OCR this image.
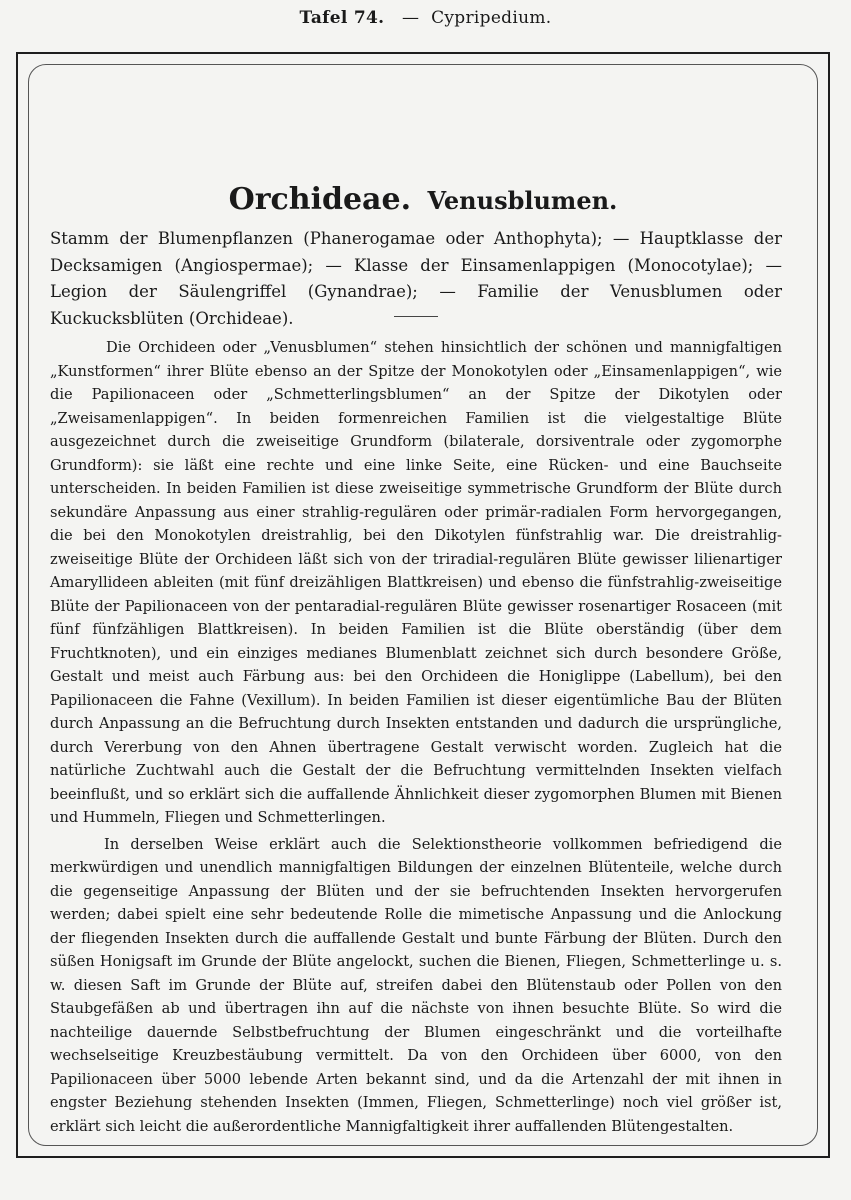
Tafel 74. — Cypripedium.
Orchideae. Venusblumen.

Stamm der Blumenpflanzen (Phanerogamae oder Anthophyta); — Hauptklasse der Decksamigen (Angiospermae); — Klasse der Einsamenlappigen (Monocotylae); — Legion der Säulengriffel (Gynandrae); — Familie der Venusblumen oder Kuckucksblüten (Orchideae).

Die Orchideen oder „Venusblumen“ stehen hinsichtlich der schönen und mannigfaltigen „Kunstformen“ ihrer Blüte ebenso an der Spitze der Monokotylen oder „Einsamenlappigen“, wie die Papilionaceen oder „Schmetterlingsblumen“ an der Spitze der Dikotylen oder „Zweisamenlappigen“. In beiden formenreichen Familien ist die vielgestaltige Blüte ausgezeichnet durch die zweiseitige Grundform (bilaterale, dorsiventrale oder zygomorphe Grundform): sie läßt eine rechte und eine linke Seite, eine Rücken- und eine Bauchseite unterscheiden. In beiden Familien ist diese zweiseitige symmetrische Grundform der Blüte durch sekundäre Anpassung aus einer strahlig-regulären oder primär-radialen Form hervorgegangen, die bei den Monokotylen dreistrahlig, bei den Dikotylen fünfstrahlig war. Die dreistrahlig-zweiseitige Blüte der Orchideen läßt sich von der triradial-regulären Blüte gewisser lilienartiger Amaryllideen ableiten (mit fünf dreizähligen Blattkreisen) und ebenso die fünfstrahlig-zweiseitige Blüte der Papilionaceen von der pentaradial-regulären Blüte gewisser rosenartiger Rosaceen (mit fünf fünfzähligen Blattkreisen). In beiden Familien ist die Blüte oberständig (über dem Fruchtknoten), und ein einziges medianes Blumenblatt zeichnet sich durch besondere Größe, Gestalt und meist auch Färbung aus: bei den Orchideen die Honiglippe (Labellum), bei den Papilionaceen die Fahne (Vexillum). In beiden Familien ist dieser eigentümliche Bau der Blüten durch Anpassung an die Befruchtung durch Insekten entstanden und dadurch die ursprüngliche, durch Vererbung von den Ahnen übertragene Gestalt verwischt worden. Zugleich hat die natürliche Zuchtwahl auch die Gestalt der die Befruchtung vermittelnden Insekten vielfach beeinflußt, und so erklärt sich die auffallende Ähnlichkeit dieser zygomorphen Blumen mit Bienen und Hummeln, Fliegen und Schmetterlingen.

In derselben Weise erklärt auch die Selektionstheorie vollkommen befriedigend die merkwürdigen und unendlich mannigfaltigen Bildungen der einzelnen Blütenteile, welche durch die gegenseitige Anpassung der Blüten und der sie befruchtenden Insekten hervorgerufen werden; dabei spielt eine sehr bedeutende Rolle die mimetische Anpassung und die Anlockung der fliegenden Insekten durch die auffallende Gestalt und bunte Färbung der Blüten. Durch den süßen Honigsaft im Grunde der Blüte angelockt, suchen die Bienen, Fliegen, Schmetterlinge u. s. w. diesen Saft im Grunde der Blüte auf, streifen dabei den Blütenstaub oder Pollen von den Staubgefäßen ab und übertragen ihn auf die nächste von ihnen besuchte Blüte. So wird die nachteilige dauernde Selbstbefruchtung der Blumen eingeschränkt und die vorteilhafte wechselseitige Kreuzbestäubung vermittelt. Da von den Orchideen über 6000, von den Papilionaceen über 5000 lebende Arten bekannt sind, und da die Artenzahl der mit ihnen in engster Beziehung stehenden Insekten (Immen, Fliegen, Schmetterlinge) noch viel größer ist, erklärt sich leicht die außerordentliche Mannigfaltigkeit ihrer auffallenden Blütengestalten.
